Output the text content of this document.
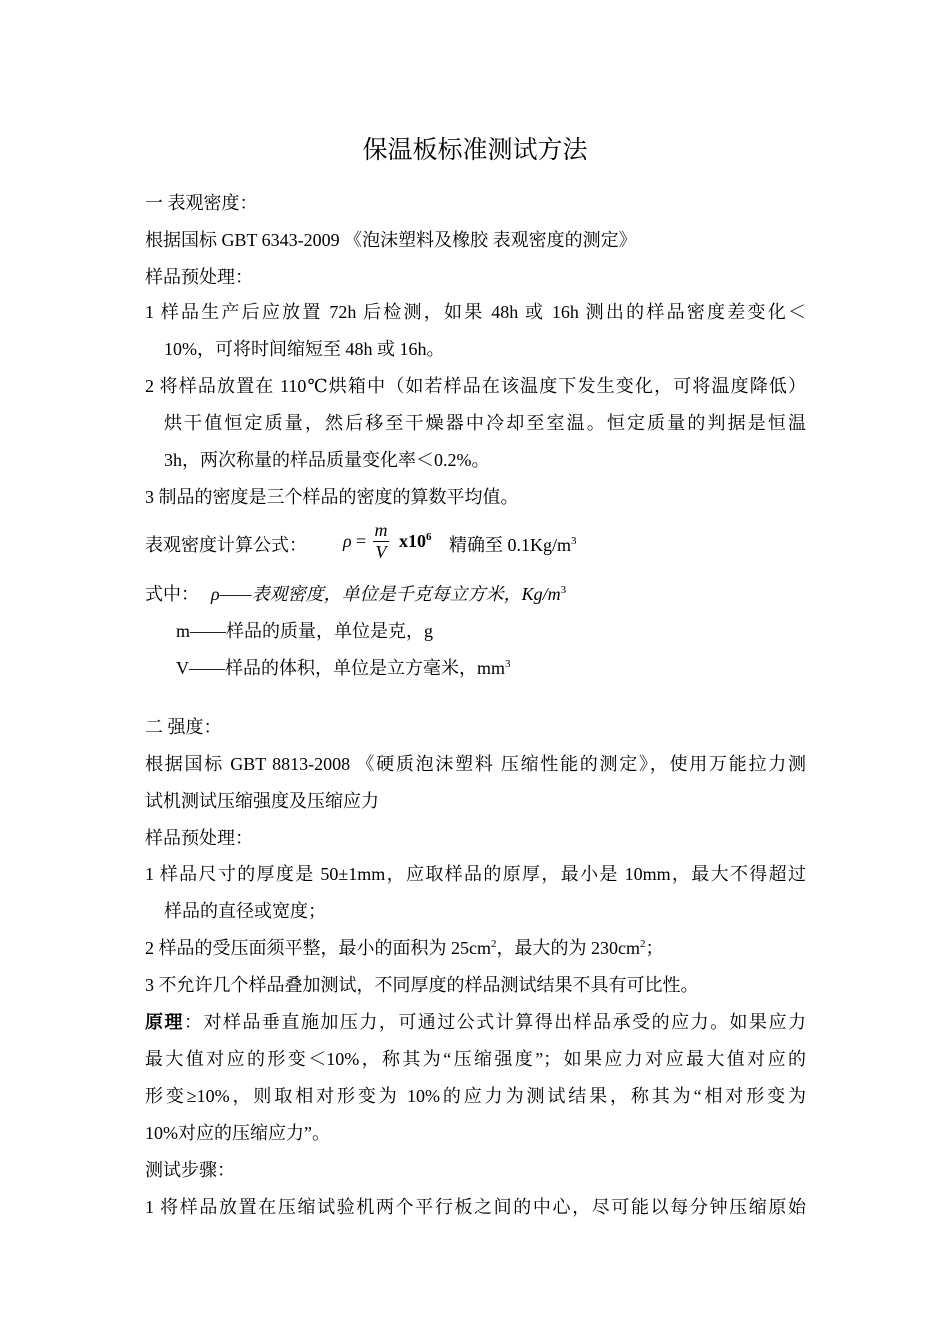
保温板标准测试方法
一 表观密度：
根据国标 GBT 6343-2009 《泡沫塑料及橡胶 表观密度的测定》
样品预处理：
1 样品生产后应放置 72h 后检测，如果 48h 或 16h 测出的样品密度差变化＜
10%，可将时间缩短至 48h 或 16h。
2 将样品放置在 110℃烘箱中（如若样品在该温度下发生变化，可将温度降低）
烘干值恒定质量，然后移至干燥器中冷却至室温。恒定质量的判据是恒温
3h，两次称量的样品质量变化率＜0.2%。
3 制品的密度是三个样品的密度的算数平均值。
表观密度计算公式： ρ =
m
V
$x10^6$ 精确至 $0.1Kg/m^3$
式中： ρ——表观密度，单位是千克每立方米，$Kg/m^3$
m——样品的质量，单位是克，g
V——样品的体积，单位是立方毫米，$mm^3$
二 强度：
根据国标 GBT 8813-2008 《硬质泡沫塑料 压缩性能的测定》，使用万能拉力测
试机测试压缩强度及压缩应力
样品预处理：
1 样品尺寸的厚度是 50±1mm，应取样品的原厚，最小是 10mm，最大不得超过
样品的直径或宽度；
2 样品的受压面须平整，最小的面积为 $25cm^2$，最大的为 $230cm^2$；
3 不允许几个样品叠加测试，不同厚度的样品测试结果不具有可比性。
原理：对样品垂直施加压力，可通过公式计算得出样品承受的应力。如果应力
最大值对应的形变＜10%，称其为“压缩强度”；如果应力对应最大值对应的
形变≥10%，则取相对形变为 10%的应力为测试结果，称其为“相对形变为
10%对应的压缩应力”。
测试步骤：
1 将样品放置在压缩试验机两个平行板之间的中心，尽可能以每分钟压缩原始
